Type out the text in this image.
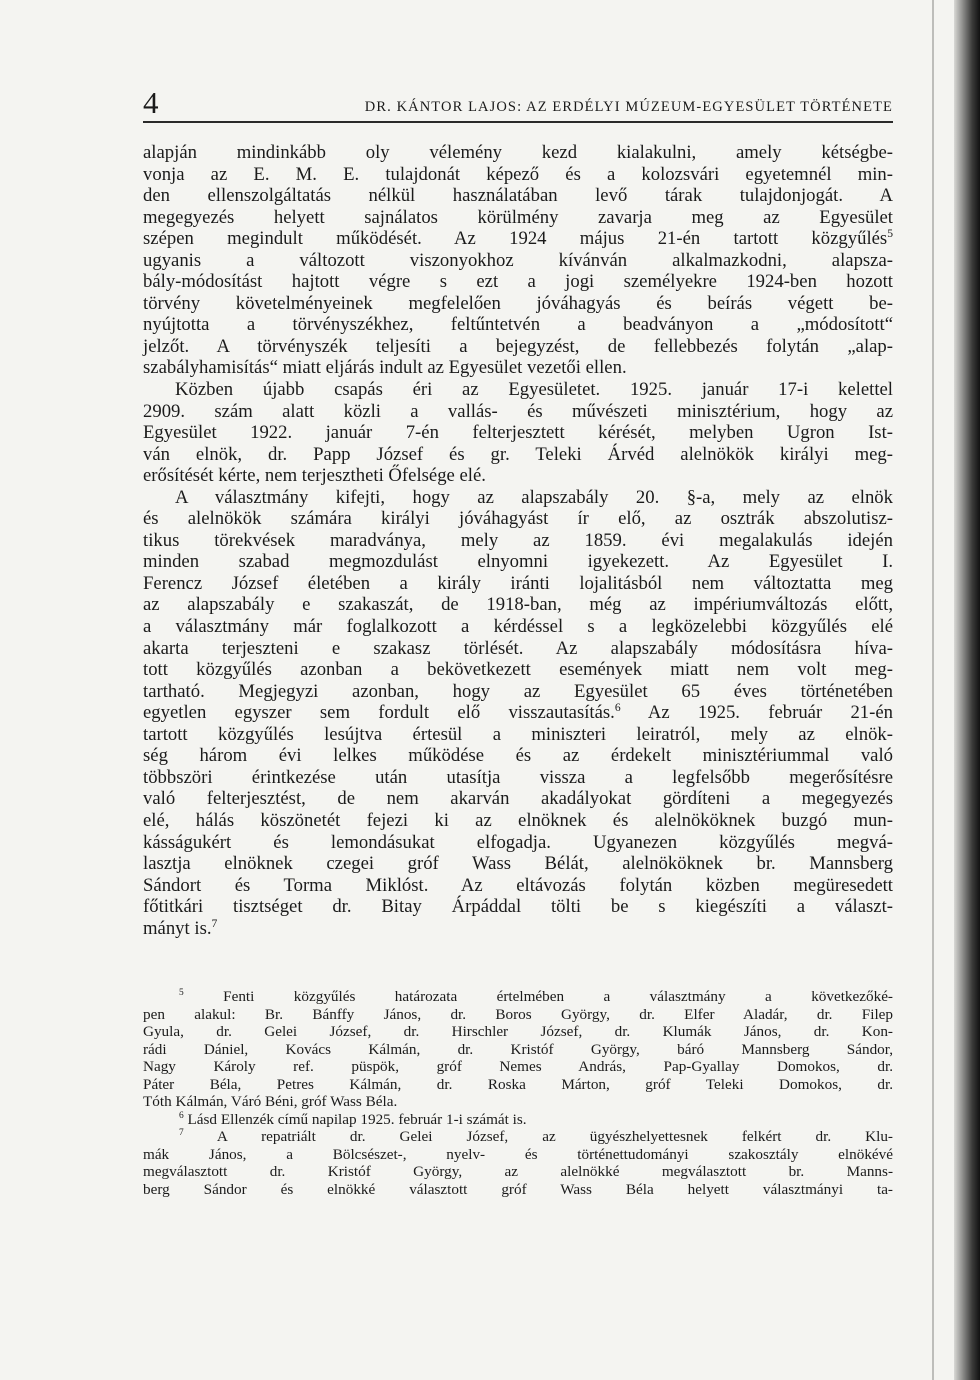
4	DR. KÁNTOR LAJOS: AZ ERDÉLYI MÚZEUM-EGYESÜLET TÖRTÉNETE
alapján mindinkább oly vélemény kezd kialakulni, amely kétségbe-
vonja az E. M. E. tulajdonát képező és a kolozsvári egyetemnél min-
den ellenszolgáltatás nélkül használatában levő tárak tulajdonjogát. A
megegyezés helyett sajnálatos körülmény zavarja meg az Egyesület
szépen megindult működését. Az 1924 május 21-én tartott közgyűlés$^5$
ugyanis a változott viszonyokhoz kívánván alkalmazkodni, alapsza-
bály-módosítást hajtott végre s ezt a jogi személyekre 1924-ben hozott
törvény követelményeinek megfelelően jóváhagyás és beírás végett be-
nyújtotta a törvényszékhez, feltűntetvén a beadványon a „módosított“
jelzőt. A törvényszék teljesíti a bejegyzést, de fellebbezés folytán „alap-
szabályhamisítás“ miatt eljárás indult az Egyesület vezetői ellen.
Közben újabb csapás éri az Egyesületet. 1925. január 17-i kelettel
2909. szám alatt közli a vallás- és művészeti minisztérium, hogy az
Egyesület 1922. január 7-én felterjesztett kérését, melyben Ugron Ist-
ván elnök, dr. Papp József és gr. Teleki Árvéd alelnökök királyi meg-
erősítését kérte, nem terjesztheti Őfelsége elé.
A választmány kifejti, hogy az alapszabály 20. §-a, mely az elnök
és alelnökök számára királyi jóváhagyást ír elő, az osztrák abszolutisz-
tikus törekvések maradványa, mely az 1859. évi megalakulás idején
minden szabad megmozdulást elnyomni igyekezett. Az Egyesület I.
Ferencz József életében a király iránti lojalitásból nem változtatta meg
az alapszabály e szakaszát, de 1918-ban, még az impériumváltozás előtt,
a választmány már foglalkozott a kérdéssel s a legközelebbi közgyűlés elé
akarta terjeszteni e szakasz törlését. Az alapszabály módosításra híva-
tott közgyűlés azonban a bekövetkezett események miatt nem volt meg-
tartható. Megjegyzi azonban, hogy az Egyesület 65 éves történetében
egyetlen egyszer sem fordult elő visszautasítás.$^6$ Az 1925. február 21-én
tartott közgyűlés lesújtva értesül a miniszteri leiratról, mely az elnök-
ség három évi lelkes működése és az érdekelt minisztériummal való
többszöri érintkezése után utasítja vissza a legfelsőbb megerősítésre
való felterjesztést, de nem akarván akadályokat gördíteni a megegyezés
elé, hálás köszönetét fejezi ki az elnöknek és alelnököknek buzgó mun-
kásságukért és lemondásukat elfogadja. Ugyanezen közgyűlés megvá-
lasztja elnöknek czegei gróf Wass Bélát, alelnököknek br. Mannsberg
Sándort és Torma Miklóst. Az eltávozás folytán közben megüresedett
főtitkári tisztséget dr. Bitay Árpáddal tölti be s kiegészíti a választ-
mányt is.$^7$
$^5$	Fenti közgyűlés határozata értelmében a választmány a következőké-
pen alakul: Br. Bánffy János, dr. Boros György, dr. Elfer Aladár, dr. Filep
Gyula, dr. Gelei József, dr. Hirschler József, dr. Klumák János, dr. Kon-
rádi Dániel, Kovács Kálmán, dr. Kristóf György, báró Mannsberg Sándor,
Nagy Károly ref. püspök, gróf Nemes András, Pap-Gyallay Domokos, dr.
Páter Béla, Petres Kálmán, dr. Roska Márton, gróf Teleki Domokos, dr.
Tóth Kálmán, Váró Béni, gróf Wass Béla.
$^6$ Lásd Ellenzék című napilap 1925. február 1-i számát is.
$^7$ A repatriált dr. Gelei József, az ügyészhelyettesnek felkért dr. Klu-
mák János, a Bölcsészet-, nyelv- és történettudományi szakosztály elnökévé
megválasztott dr. Kristóf György, az alelnökké megválasztott br. Manns-
berg Sándor és elnökké választott gróf Wass Béla helyett választmányi ta-
